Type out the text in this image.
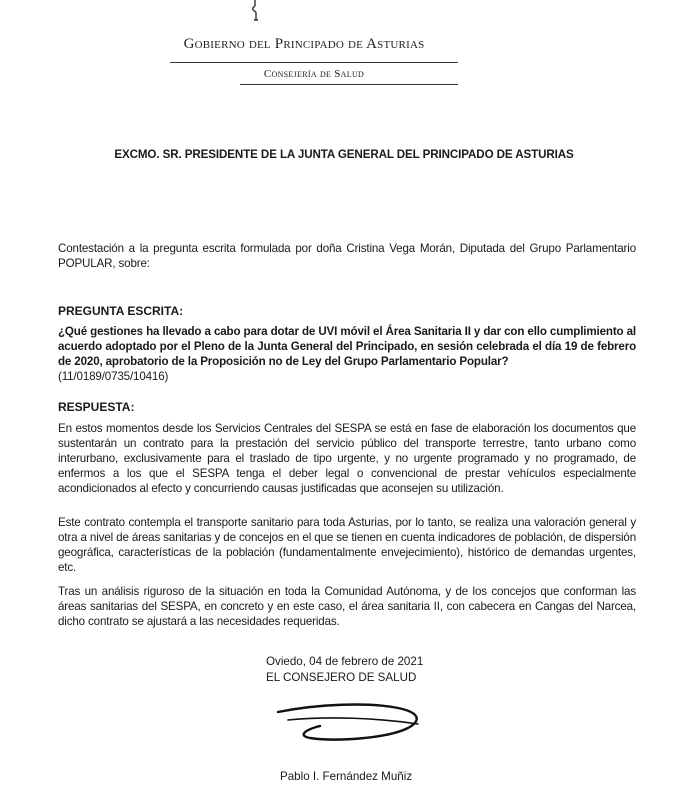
Gobierno del Principado de Asturias
Consejería de Salud
EXCMO. SR. PRESIDENTE DE LA JUNTA GENERAL DEL PRINCIPADO DE ASTURIAS
Contestación a la pregunta escrita formulada por doña Cristina Vega Morán, Diputada del Grupo Parlamentario POPULAR, sobre:
PREGUNTA ESCRITA:
¿Qué gestiones ha llevado a cabo para dotar de UVI móvil el Área Sanitaria II y dar con ello cumplimiento al acuerdo adoptado por el Pleno de la Junta General del Principado, en sesión celebrada el día 19 de febrero de 2020, aprobatorio de la Proposición no de Ley del Grupo Parlamentario Popular?
(11/0189/0735/10416)
RESPUESTA:
En estos momentos desde los Servicios Centrales del SESPA se está en fase de elaboración los documentos que sustentarán un contrato para la prestación del servicio público del transporte terrestre, tanto urbano como interurbano, exclusivamente para el traslado de tipo urgente, y no urgente programado y no programado, de enfermos a los que el SESPA tenga el deber legal o convencional de prestar vehículos especialmente acondicionados al efecto y concurriendo causas justificadas que aconsejen su utilización.
Este contrato contempla el transporte sanitario para toda Asturias, por lo tanto, se realiza una valoración general y otra a nivel de áreas sanitarias y de concejos en el que se tienen en cuenta indicadores de población, de dispersión geográfica, características de la población (fundamentalmente envejecimiento), histórico de demandas urgentes, etc.
Tras un análisis riguroso de la situación en toda la Comunidad Autónoma, y de los concejos que conforman las áreas sanitarias del SESPA, en concreto y en este caso, el área sanitaria II, con cabecera en Cangas del Narcea, dicho contrato se ajustará a las necesidades requeridas.
Oviedo, 04 de febrero de 2021
EL CONSEJERO DE SALUD
Pablo I. Fernández Muñiz
